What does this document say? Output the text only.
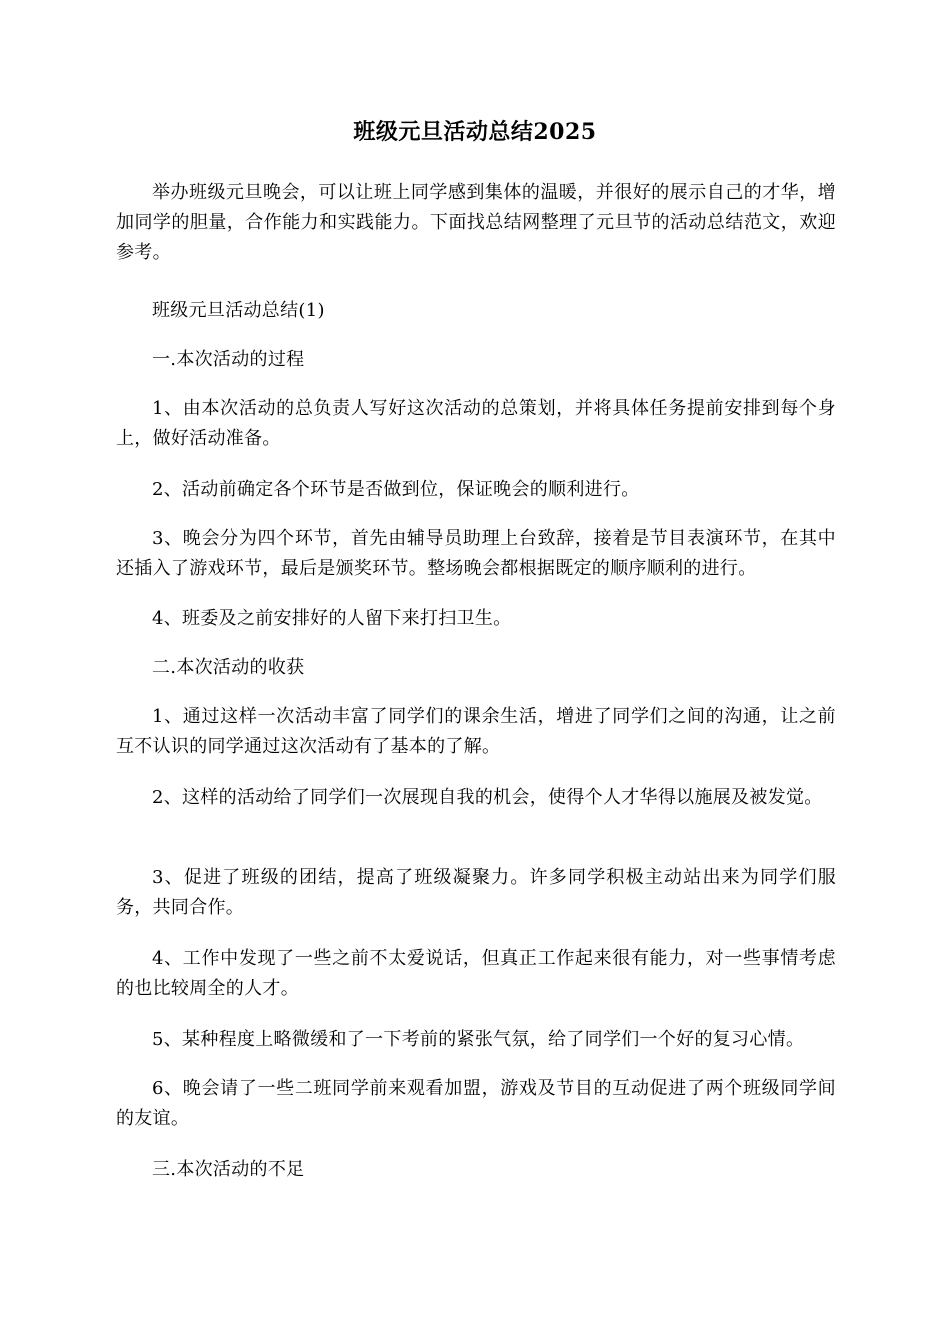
班级元旦活动总结2025

举办班级元旦晚会，可以让班上同学感到集体的温暖，并很好的展示自己的才华，增加同学的胆量，合作能力和实践能力。下面找总结网整理了元旦节的活动总结范文，欢迎参考。

班级元旦活动总结(1)

一.本次活动的过程

1、由本次活动的总负责人写好这次活动的总策划，并将具体任务提前安排到每个身上，做好活动准备。

2、活动前确定各个环节是否做到位，保证晚会的顺利进行。

3、晚会分为四个环节，首先由辅导员助理上台致辞，接着是节目表演环节，在其中还插入了游戏环节，最后是颁奖环节。整场晚会都根据既定的顺序顺利的进行。

4、班委及之前安排好的人留下来打扫卫生。

二.本次活动的收获

1、通过这样一次活动丰富了同学们的课余生活，增进了同学们之间的沟通，让之前互不认识的同学通过这次活动有了基本的了解。

2、这样的活动给了同学们一次展现自我的机会，使得个人才华得以施展及被发觉。

3、促进了班级的团结，提高了班级凝聚力。许多同学积极主动站出来为同学们服务，共同合作。

4、工作中发现了一些之前不太爱说话，但真正工作起来很有能力，对一些事情考虑的也比较周全的人才。

5、某种程度上略微缓和了一下考前的紧张气氛，给了同学们一个好的复习心情。

6、晚会请了一些二班同学前来观看加盟，游戏及节目的互动促进了两个班级同学间的友谊。

三.本次活动的不足
